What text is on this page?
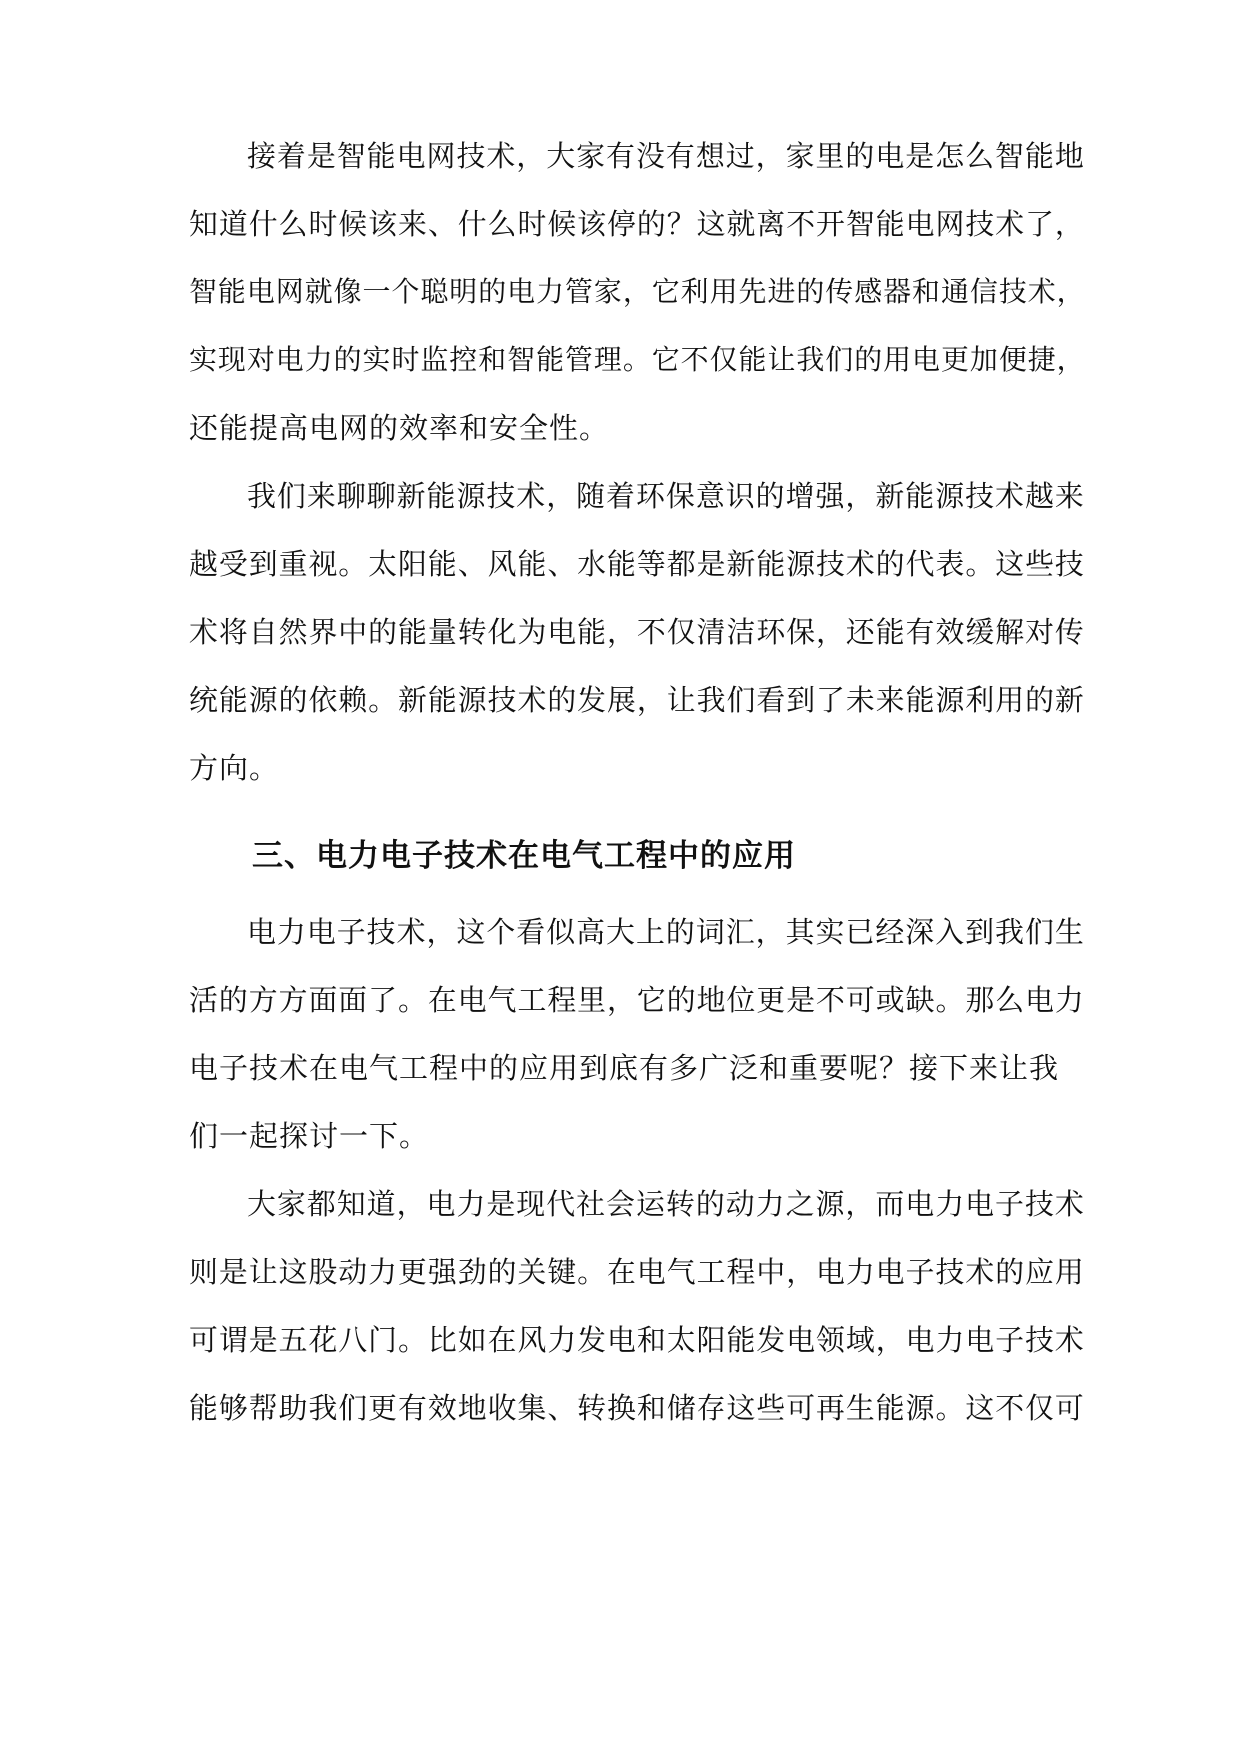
接着是智能电网技术，大家有没有想过，家里的电是怎么智能地
知道什么时候该来、什么时候该停的？这就离不开智能电网技术了，
智能电网就像一个聪明的电力管家，它利用先进的传感器和通信技术，
实现对电力的实时监控和智能管理。它不仅能让我们的用电更加便捷，
还能提高电网的效率和安全性。
我们来聊聊新能源技术，随着环保意识的增强，新能源技术越来
越受到重视。太阳能、风能、水能等都是新能源技术的代表。这些技
术将自然界中的能量转化为电能，不仅清洁环保，还能有效缓解对传
统能源的依赖。新能源技术的发展，让我们看到了未来能源利用的新
方向。
三、电力电子技术在电气工程中的应用
电力电子技术，这个看似高大上的词汇，其实已经深入到我们生
活的方方面面了。在电气工程里，它的地位更是不可或缺。那么电力
电子技术在电气工程中的应用到底有多广泛和重要呢？接下来让我
们一起探讨一下。
大家都知道，电力是现代社会运转的动力之源，而电力电子技术
则是让这股动力更强劲的关键。在电气工程中，电力电子技术的应用
可谓是五花八门。比如在风力发电和太阳能发电领域，电力电子技术
能够帮助我们更有效地收集、转换和储存这些可再生能源。这不仅可
